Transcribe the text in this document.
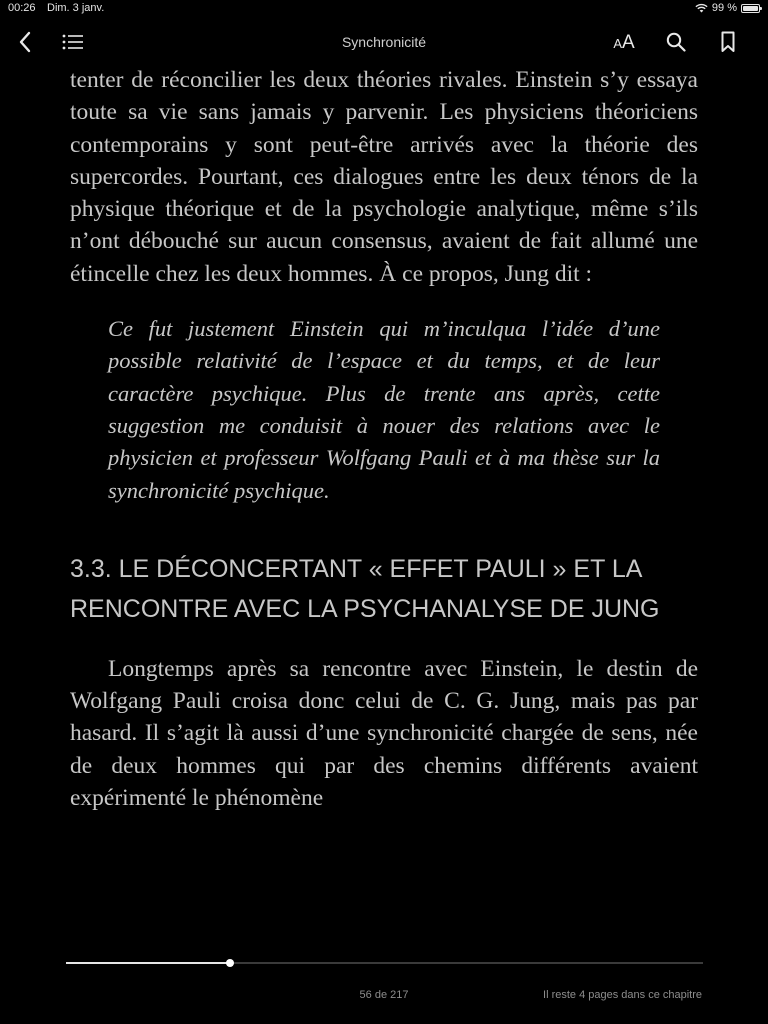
00:26 Dim. 3 janv.	99 %
Synchronicité	AA

tenter de réconcilier les deux théories rivales. Einstein s’y essaya toute sa vie sans jamais y parvenir. Les physiciens théoriciens contemporains y sont peut-être arrivés avec la théorie des supercordes. Pourtant, ces dialogues entre les deux ténors de la physique théorique et de la psychologie analytique, même s’ils n’ont débouché sur aucun consensus, avaient de fait allumé une étincelle chez les deux hommes. À ce propos, Jung dit :

Ce fut justement Einstein qui m’inculqua l’idée d’une possible relativité de l’espace et du temps, et de leur caractère psychique. Plus de trente ans après, cette suggestion me conduisit à nouer des relations avec le physicien et professeur Wolfgang Pauli et à ma thèse sur la synchronicité psychique.

3.3. LE DÉCONCERTANT « EFFET PAULI » ET LA RENCONTRE AVEC LA PSYCHANALYSE DE JUNG

Longtemps après sa rencontre avec Einstein, le destin de Wolfgang Pauli croisa donc celui de C. G. Jung, mais pas par hasard. Il s’agit là aussi d’une synchronicité chargée de sens, née de deux hommes qui par des chemins différents avaient expérimenté le phénomène

56 de 217	Il reste 4 pages dans ce chapitre
